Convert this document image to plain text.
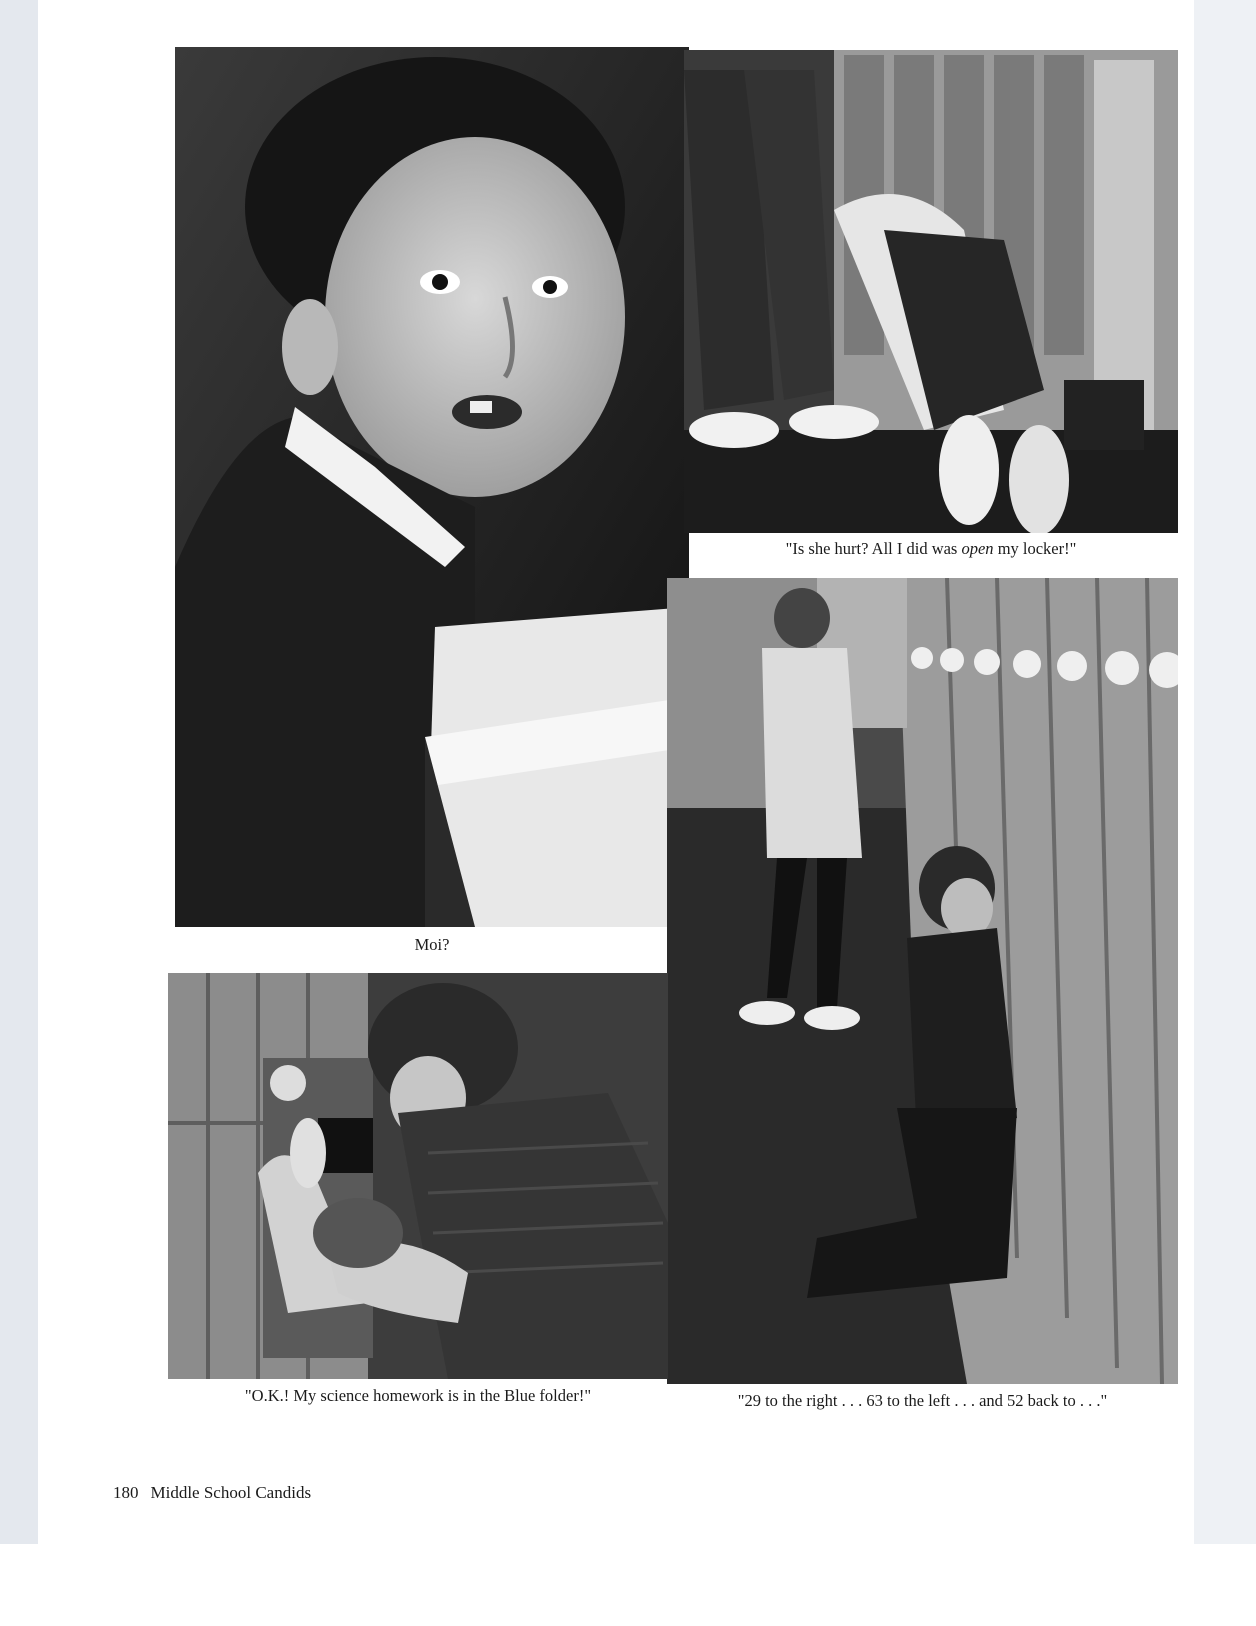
"Is she hurt? All I did was open my locker!"
Moi?
"O.K.! My science homework is in the Blue folder!"	"29 to the right . . . 63 to the left . . . and 52 back to . . ."
180 Middle School Candids
